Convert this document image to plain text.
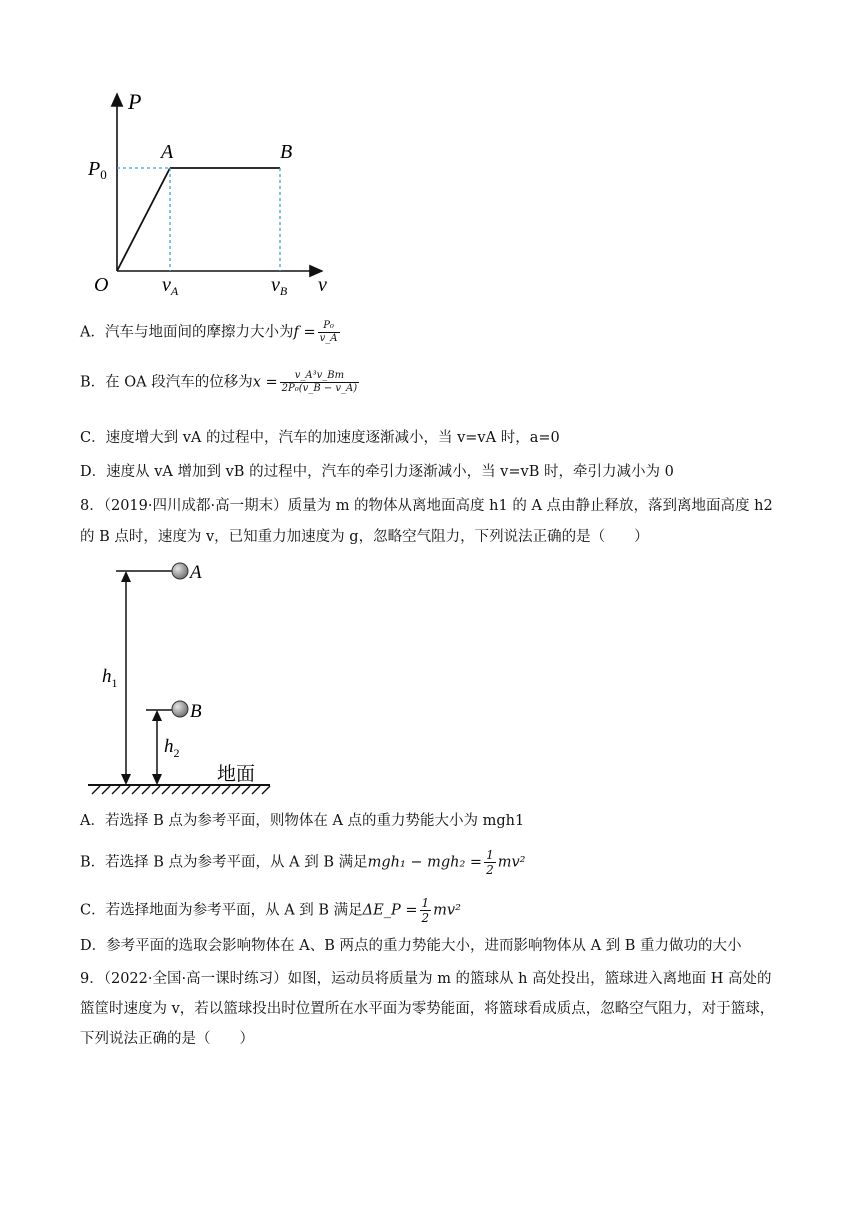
P
v
O
$P_0$
A	B
$v_A$	$v_B$
A．汽车与地面间的摩擦力大小为$f = \frac{\text{P₀}}{v\_A}$
B．在 OA 段汽车的位移为$x = \frac{\text{v\_A³v\_Bm}}{\text{2P₀(v\_B − v\_A)}}$
C．速度增大到 vA 的过程中，汽车的加速度逐渐减小，当 v=vA 时，a=0
D．速度从 vA 增加到 vB 的过程中，汽车的牵引力逐渐减小，当 v=vB 时，牵引力减小为 0
8．（2019·四川成都·高一期末）质量为 m 的物体从离地面高度 h1 的 A 点由静止释放，落到离地面高度 h2
的 B 点时，速度为 v，已知重力加速度为 g，忽略空气阻力，下列说法正确的是（　　）
A
B
$h_1$
$h_2$
地面
A．若选择 B 点为参考平面，则物体在 A 点的重力势能大小为 mgh1
B．若选择 B 点为参考平面，从 A 到 B 满足$mgh_1 - mgh_2 = \frac{1}{2} mv^2$
C．若选择地面为参考平面，从 A 到 B 满足ΔE_P = $\frac{1}{2} mv^2$
D．参考平面的选取会影响物体在 A、B 两点的重力势能大小，进而影响物体从 A 到 B 重力做功的大小
9．（2022·全国·高一课时练习）如图，运动员将质量为 m 的篮球从 h 高处投出，篮球进入离地面 H 高处的篮筐时速度为 v，若以篮球投出时位置所在水平面为零势能面，将篮球看成质点，忽略空气阻力，对于篮球，下列说法正确的是（　　）
